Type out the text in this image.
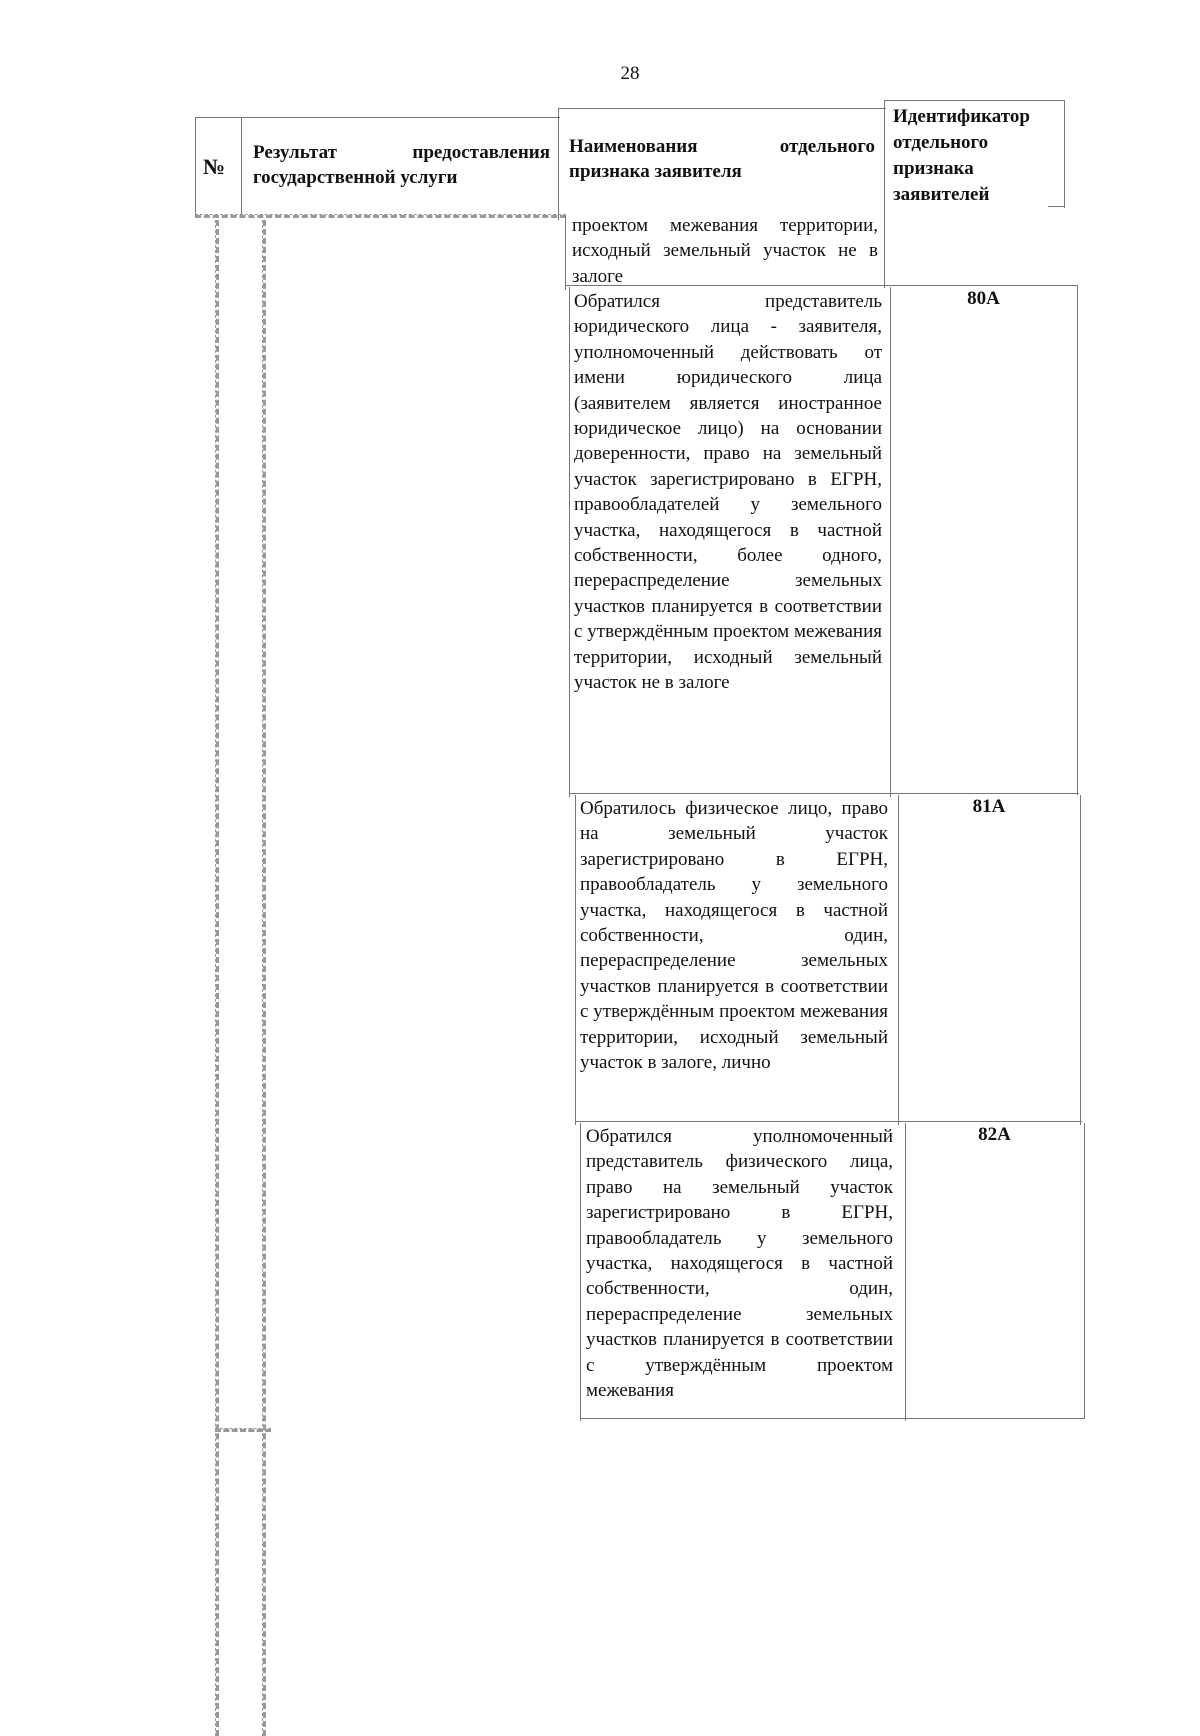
28
№
Результат предоставления государственной услуги
Наименования отдельного признака заявителя
Идентификатор отдельного признака заявителей
проектом межевания территории, исходный земельный участок не в залоге
Обратился представитель юридического лица - заявителя, уполномоченный действовать от имени юридического лица (заявителем является иностранное юридическое лицо) на основании доверенности, право на земельный участок зарегистрировано в ЕГРН, правообладателей у земельного участка, находящегося в частной собственности, более одного, перераспределение земельных участков планируется в соответствии с утверждённым проектом межевания территории, исходный земельный участок не в залоге
80А
Обратилось физическое лицо, право на земельный участок зарегистрировано в ЕГРН, правообладатель у земельного участка, находящегося в частной собственности, один, перераспределение земельных участков планируется в соответствии с утверждённым проектом межевания территории, исходный земельный участок в залоге, лично
81А
Обратился уполномоченный представитель физического лица, право на земельный участок зарегистрировано в ЕГРН, правообладатель у земельного участка, находящегося в частной собственности, один, перераспределение земельных участков планируется в соответствии с утверждённым проектом межевания
82А
